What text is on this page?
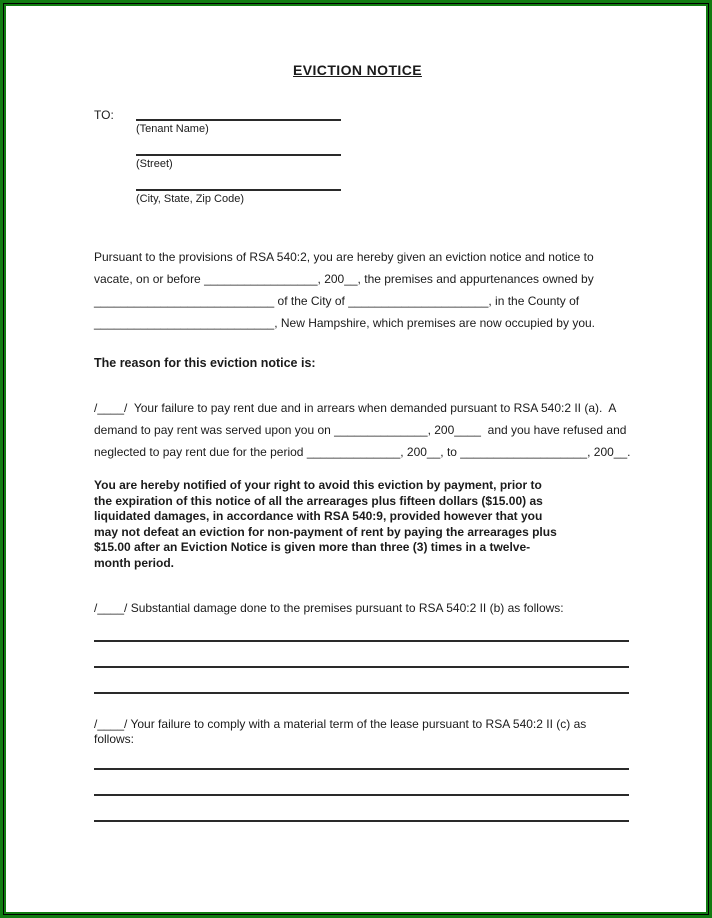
EVICTION NOTICE
TO:
(Tenant Name)
(Street)
(City, State, Zip Code)
Pursuant to the provisions of RSA 540:2, you are hereby given an eviction notice and notice to
vacate, on or before _________________, 200__, the premises and appurtenances owned by
___________________________ of the City of _____________________, in the County of
___________________________, New Hampshire, which premises are now occupied by you.
The reason for this eviction notice is:
/____/  Your failure to pay rent due and in arrears when demanded pursuant to RSA 540:2 II (a).  A
demand to pay rent was served upon you on ______________, 200____  and you have refused and
neglected to pay rent due for the period ______________, 200__, to ___________________, 200__.
You are hereby notified of your right to avoid this eviction by payment, prior to
the expiration of this notice of all the arrearages plus fifteen dollars ($15.00) as
liquidated damages, in accordance with RSA 540:9, provided however that you
may not defeat an eviction for non-payment of rent by paying the arrearages plus
$15.00 after an Eviction Notice is given more than three (3) times in a twelve-
month period.
/____/ Substantial damage done to the premises pursuant to RSA 540:2 II (b) as follows:
/____/ Your failure to comply with a material term of the lease pursuant to RSA 540:2 II (c) as
follows:
